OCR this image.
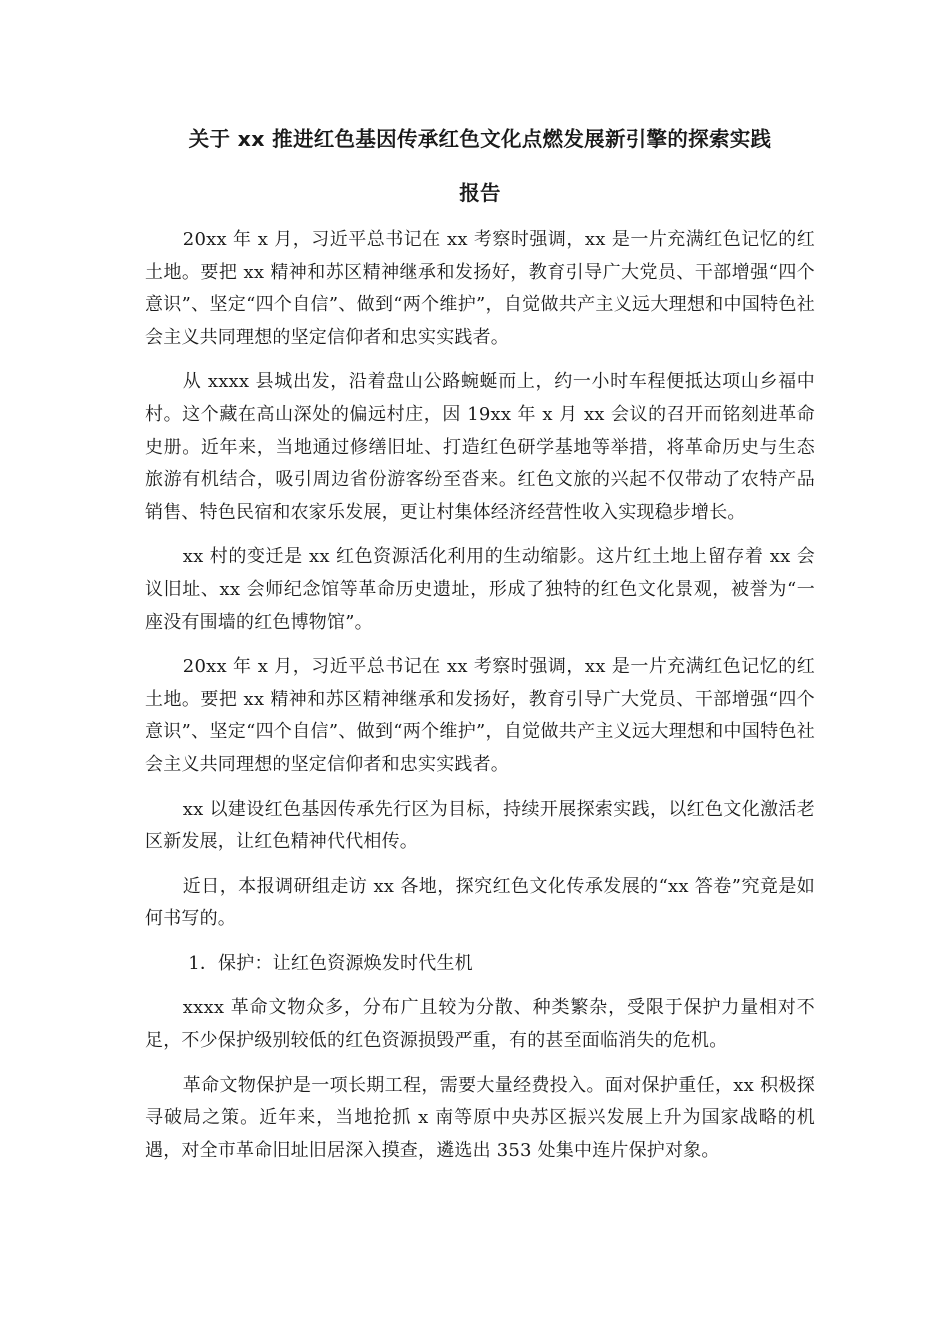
关于 xx 推进红色基因传承红色文化点燃发展新引擎的探索实践
报告

20xx 年 x 月，习近平总书记在 xx 考察时强调，xx 是一片充满红色记忆的红土地。要把 xx 精神和苏区精神继承和发扬好，教育引导广大党员、干部增强“四个意识”、坚定“四个自信”、做到“两个维护”，自觉做共产主义远大理想和中国特色社会主义共同理想的坚定信仰者和忠实实践者。

从 xxxx 县城出发，沿着盘山公路蜿蜒而上，约一小时车程便抵达项山乡福中村。这个藏在高山深处的偏远村庄，因 19xx 年 x 月 xx 会议的召开而铭刻进革命史册。近年来，当地通过修缮旧址、打造红色研学基地等举措，将革命历史与生态旅游有机结合，吸引周边省份游客纷至沓来。红色文旅的兴起不仅带动了农特产品销售、特色民宿和农家乐发展，更让村集体经济经营性收入实现稳步增长。

xx 村的变迁是 xx 红色资源活化利用的生动缩影。这片红土地上留存着 xx 会议旧址、xx 会师纪念馆等革命历史遗址，形成了独特的红色文化景观，被誉为“一座没有围墙的红色博物馆”。

20xx 年 x 月，习近平总书记在 xx 考察时强调，xx 是一片充满红色记忆的红土地。要把 xx 精神和苏区精神继承和发扬好，教育引导广大党员、干部增强“四个意识”、坚定“四个自信”、做到“两个维护”，自觉做共产主义远大理想和中国特色社会主义共同理想的坚定信仰者和忠实实践者。

xx 以建设红色基因传承先行区为目标，持续开展探索实践，以红色文化激活老区新发展，让红色精神代代相传。

近日，本报调研组走访 xx 各地，探究红色文化传承发展的“xx 答卷”究竟是如何书写的。

1．保护：让红色资源焕发时代生机

xxxx 革命文物众多，分布广且较为分散、种类繁杂，受限于保护力量相对不足，不少保护级别较低的红色资源损毁严重，有的甚至面临消失的危机。

革命文物保护是一项长期工程，需要大量经费投入。面对保护重任，xx 积极探寻破局之策。近年来，当地抢抓 x 南等原中央苏区振兴发展上升为国家战略的机遇，对全市革命旧址旧居深入摸查，遴选出 353 处集中连片保护对象。
